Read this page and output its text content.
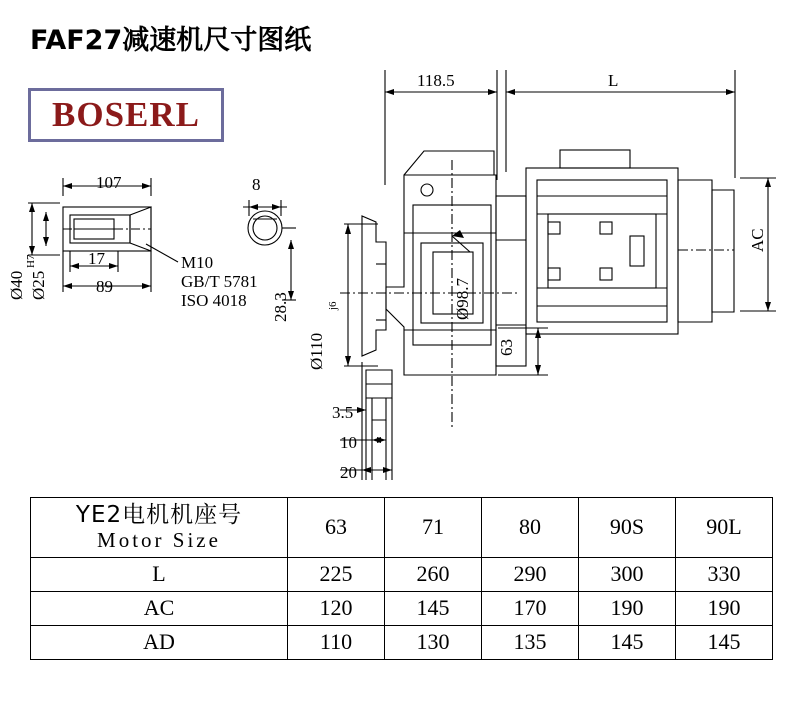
FAF27减速机尺寸图纸
BOSERL
118.5	L
107	8
17
89
M10
GB/T 5781
ISO 4018
63
3.5
10
20
AC
Ø40 Ø25
H7
28.3	Ø98.7
Ø110
j6
YE2电机机座号
Motor Size	63	71	80	90S	90L
L	225	260	290	300	330
AC	120	145	170	190	190
AD	110	130	135	145	145
